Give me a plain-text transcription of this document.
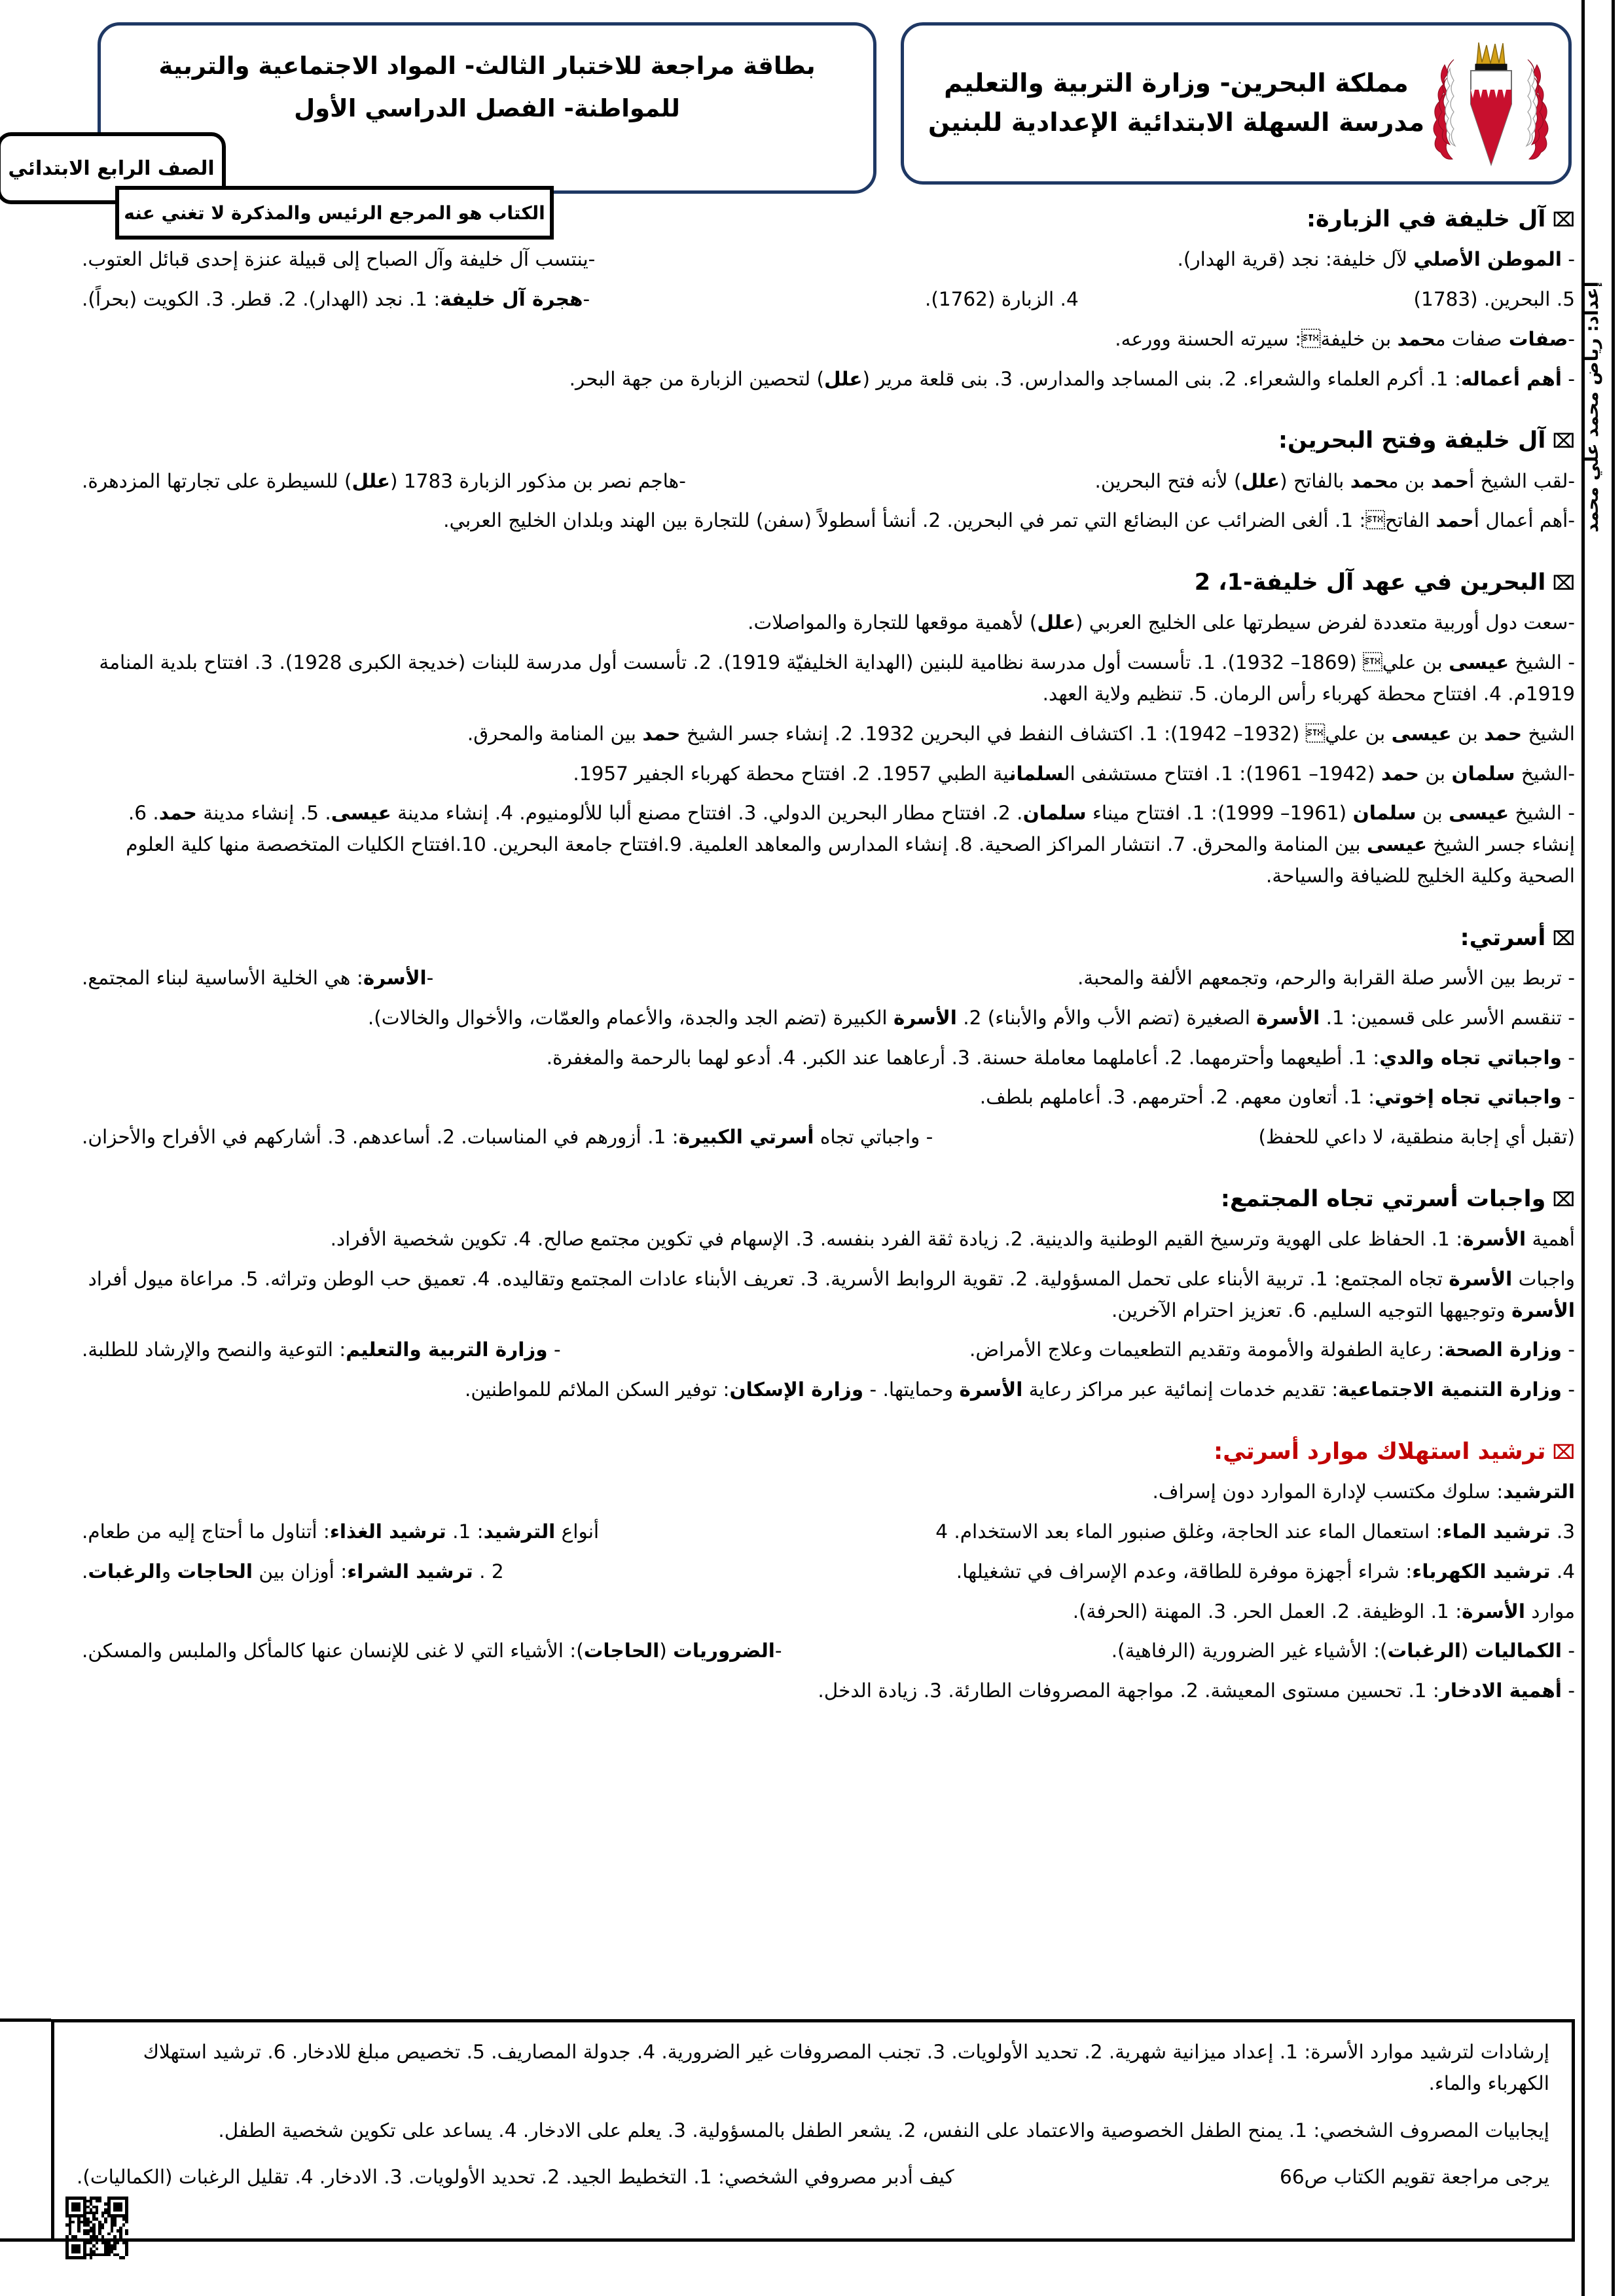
إعداد: رياض محمد علي محمد
مملكة البحرين- وزارة التربية والتعليم
مدرسة السهلة الابتدائية الإعدادية للبنين
بطاقة مراجعة للاختبار الثالث- المواد الاجتماعية والتربية
للمواطنة- الفصل الدراسي الأول
الصف الرابع الابتدائي
الكتاب هو المرجع الرئيس والمذكرة لا تغني عنه	⌧آل خليفة في الزبارة:
- الموطن الأصلي لآل خليفة: نجد (قرية الهدار).
-ينتسب آل خليفة وآل الصباح إلى قبيلة عنزة إحدى قبائل العتوب.
5. البحرين. (1783)
4. الزبارة (1762).
-هجرة آل خليفة: 1. نجد (الهدار). 2. قطر. 3. الكويت (بحراً).
-صفات صفات محمد بن خليفة: سيرته الحسنة وورعه.
- أهم أعماله: 1. أكرم العلماء والشعراء. 2. بنى المساجد والمدارس. 3. بنى قلعة مرير (علل) لتحصين الزبارة من جهة البحر.
⌧آل خليفة وفتح البحرين:
-لقب الشيخ أحمد بن محمد بالفاتح (علل) لأنه فتح البحرين.
-هاجم نصر بن مذكور الزبارة 1783 (علل) للسيطرة على تجارتها المزدهرة.
-أهم أعمال أحمد الفاتح: 1. ألغى الضرائب عن البضائع التي تمر في البحرين. 2. أنشأ أسطولاً (سفن) للتجارة بين الهند وبلدان الخليج العربي.
⌧البحرين في عهد آل خليفة-1، 2
-سعت دول أوربية متعددة لفرض سيطرتها على الخليج العربي (علل) لأهمية موقعها للتجارة والمواصلات.
- الشيخ عيسى بن علي (1869– 1932). 1. تأسست أول مدرسة نظامية للبنين (الهداية الخليفيّة 1919). 2. تأسست أول مدرسة للبنات (خديجة الكبرى 1928). 3. افتتاح بلدية المنامة 1919م. 4. افتتاح محطة كهرباء رأس الرمان. 5. تنظيم ولاية العهد.
الشيخ حمد بن عيسى بن علي (1932– 1942): 1. اكتشاف النفط في البحرين 1932. 2. إنشاء جسر الشيخ حمد بين المنامة والمحرق.
-الشيخ سلمان بن حمد (1942– 1961): 1. افتتاح مستشفى السلمانية الطبي 1957. 2. افتتاح محطة كهرباء الجفير 1957.
- الشيخ عيسى بن سلمان (1961– 1999): 1. افتتاح ميناء سلمان. 2. افتتاح مطار البحرين الدولي. 3. افتتاح مصنع ألبا للألومنيوم. 4. إنشاء مدينة عيسى. 5. إنشاء مدينة حمد. 6. إنشاء جسر الشيخ عيسى بين المنامة والمحرق. 7. انتشار المراكز الصحية. 8. إنشاء المدارس والمعاهد العلمية. 9.افتتاح جامعة البحرين. 10.افتتاح الكليات المتخصصة منها كلية العلوم الصحية وكلية الخليج للضيافة والسياحة.
⌧أسرتي:
- تربط بين الأسر صلة القرابة والرحم، وتجمعهم الألفة والمحبة.
-الأسرة: هي الخلية الأساسية لبناء المجتمع.
- تنقسم الأسر على قسمين: 1. الأسرة الصغيرة (تضم الأب والأم والأبناء) 2. الأسرة الكبيرة (تضم الجد والجدة، والأعمام والعمّات، والأخوال والخالات).
- واجباتي تجاه والدي: 1. أطيعهما وأحترمهما. 2. أعاملهما معاملة حسنة. 3. أرعاهما عند الكبر. 4. أدعو لهما بالرحمة والمغفرة.
- واجباتي تجاه إخوتي: 1. أتعاون معهم. 2. أحترمهم. 3. أعاملهم بلطف.
(تقبل أي إجابة منطقية، لا داعي للحفظ)
- واجباتي تجاه أسرتي الكبيرة: 1. أزورهم في المناسبات. 2. أساعدهم. 3. أشاركهم في الأفراح والأحزان.
⌧واجبات أسرتي تجاه المجتمع:
أهمية الأسرة: 1. الحفاظ على الهوية وترسيخ القيم الوطنية والدينية. 2. زيادة ثقة الفرد بنفسه. 3. الإسهام في تكوين مجتمع صالح. 4. تكوين شخصية الأفراد.
واجبات الأسرة تجاه المجتمع: 1. تربية الأبناء على تحمل المسؤولية. 2. تقوية الروابط الأسرية. 3. تعريف الأبناء عادات المجتمع وتقاليده. 4. تعميق حب الوطن وتراثه. 5. مراعاة ميول أفراد الأسرة وتوجيهها التوجيه السليم. 6. تعزيز احترام الآخرين.
- وزارة الصحة: رعاية الطفولة والأمومة وتقديم التطعيمات وعلاج الأمراض.
- وزارة التربية والتعليم: التوعية والنصح والإرشاد للطلبة.
- وزارة التنمية الاجتماعية: تقديم خدمات إنمائية عبر مراكز رعاية الأسرة وحمايتها. - وزارة الإسكان: توفير السكن الملائم للمواطنين.
⌧ترشيد استهلاك موارد أسرتي:
الترشيد: سلوك مكتسب لإدارة الموارد دون إسراف.
3. ترشيد الماء: استعمال الماء عند الحاجة، وغلق صنبور الماء بعد الاستخدام. 4
أنواع الترشيد: 1. ترشيد الغذاء: أتناول ما أحتاج إليه من طعام.
4. ترشيد الكهرباء: شراء أجهزة موفرة للطاقة، وعدم الإسراف في تشغيلها.
2 . ترشيد الشراء: أوزان بين الحاجات والرغبات.
موارد الأسرة: 1. الوظيفة. 2. العمل الحر. 3. المهنة (الحرفة).
- الكماليات (الرغبات): الأشياء غير الضرورية (الرفاهية).
-الضروريات (الحاجات): الأشياء التي لا غنى للإنسان عنها كالمأكل والملبس والمسكن.
- أهمية الادخار: 1. تحسين مستوى المعيشة. 2. مواجهة المصروفات الطارئة. 3. زيادة الدخل.
إرشادات لترشيد موارد الأسرة: 1. إعداد ميزانية شهرية. 2. تحديد الأولويات. 3. تجنب المصروفات غير الضرورية. 4. جدولة المصاريف. 5. تخصيص مبلغ للادخار. 6. ترشيد استهلاك الكهرباء والماء.
إيجابيات المصروف الشخصي: 1. يمنح الطفل الخصوصية والاعتماد على النفس، 2. يشعر الطفل بالمسؤولية. 3. يعلم على الادخار. 4. يساعد على تكوين شخصية الطفل.
يرجى مراجعة تقويم الكتاب ص66
كيف أدبر مصروفي الشخصي: 1. التخطيط الجيد. 2. تحديد الأولويات. 3. الادخار. 4. تقليل الرغبات (الكماليات).
